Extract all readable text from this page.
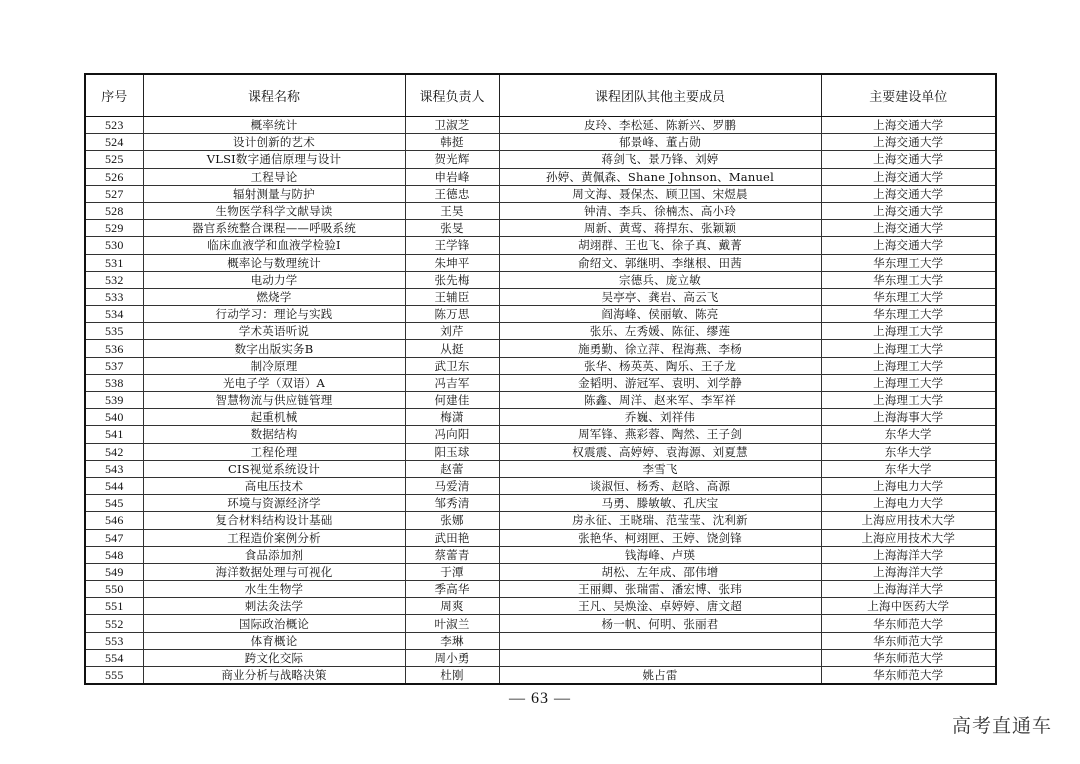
序号	课程名称	课程负责人	课程团队其他主要成员	主要建设单位
523	概率统计	卫淑芝	皮玲、李松延、陈新兴、罗鹏	上海交通大学
524	设计创新的艺术	韩挺	郁景峰、董占勋	上海交通大学
525	VLSI数字通信原理与设计	贺光辉	蒋剑飞、景乃锋、刘婷	上海交通大学
526	工程导论	申岩峰	孙婷、黄佩森、Shane Johnson、Manuel	上海交通大学
527	辐射测量与防护	王德忠	周文海、聂保杰、顾卫国、宋煜晨	上海交通大学
528	生物医学科学文献导读	王昊	钟清、李兵、徐楠杰、高小玲	上海交通大学
529	器官系统整合课程——呼吸系统	张旻	周新、黄莺、蒋捍东、张颖颖	上海交通大学
530	临床血液学和血液学检验I	王学锋	胡翊群、王也飞、徐子真、戴菁	上海交通大学
531	概率论与数理统计	朱坤平	俞绍文、郭继明、李继根、田茜	华东理工大学
532	电动力学	张先梅	宗德兵、庞立敏	华东理工大学
533	燃烧学	王辅臣	吴亭亭、龚岩、高云飞	华东理工大学
534	行动学习：理论与实践	陈万思	阎海峰、侯丽敏、陈亮	华东理工大学
535	学术英语听说	刘芹	张乐、左秀媛、陈征、缪莲	上海理工大学
536	数字出版实务B	从挺	施勇勤、徐立萍、程海燕、李杨	上海理工大学
537	制冷原理	武卫东	张华、杨英英、陶乐、王子龙	上海理工大学
538	光电子学（双语）A	冯吉军	金韬明、游冠军、袁明、刘学静	上海理工大学
539	智慧物流与供应链管理	何建佳	陈鑫、周洋、赵来军、李军祥	上海理工大学
540	起重机械	梅潇	乔巍、刘祥伟	上海海事大学
541	数据结构	冯向阳	周军锋、燕彩蓉、陶然、王子剑	东华大学
542	工程伦理	阳玉球	权震震、高婷婷、袁海源、刘夏慧	东华大学
543	CIS视觉系统设计	赵蕾	李雪飞	东华大学
544	高电压技术	马爱清	谈淑恒、杨秀、赵晗、高源	上海电力大学
545	环境与资源经济学	邹秀清	马勇、滕敏敏、孔庆宝	上海电力大学
546	复合材料结构设计基础	张娜	房永征、王晓瑞、范莹莹、沈利新	上海应用技术大学
547	工程造价案例分析	武田艳	张艳华、柯翊匣、王婷、饶剑锋	上海应用技术大学
548	食品添加剂	蔡蕾青	钱海峰、卢瑛	上海海洋大学
549	海洋数据处理与可视化	于潭	胡松、左年成、邵伟增	上海海洋大学
550	水生生物学	季高华	王丽卿、张瑞雷、潘宏博、张玮	上海海洋大学
551	刺法灸法学	周爽	王凡、吴焕淦、卓婷婷、唐文超	上海中医药大学
552	国际政治概论	叶淑兰	杨一帆、何明、张丽君	华东师范大学
553	体育概论	李琳		华东师范大学
554	跨文化交际	周小勇		华东师范大学
555	商业分析与战略决策	杜刚	姚占雷	华东师范大学
— 63 —
高考直通车
